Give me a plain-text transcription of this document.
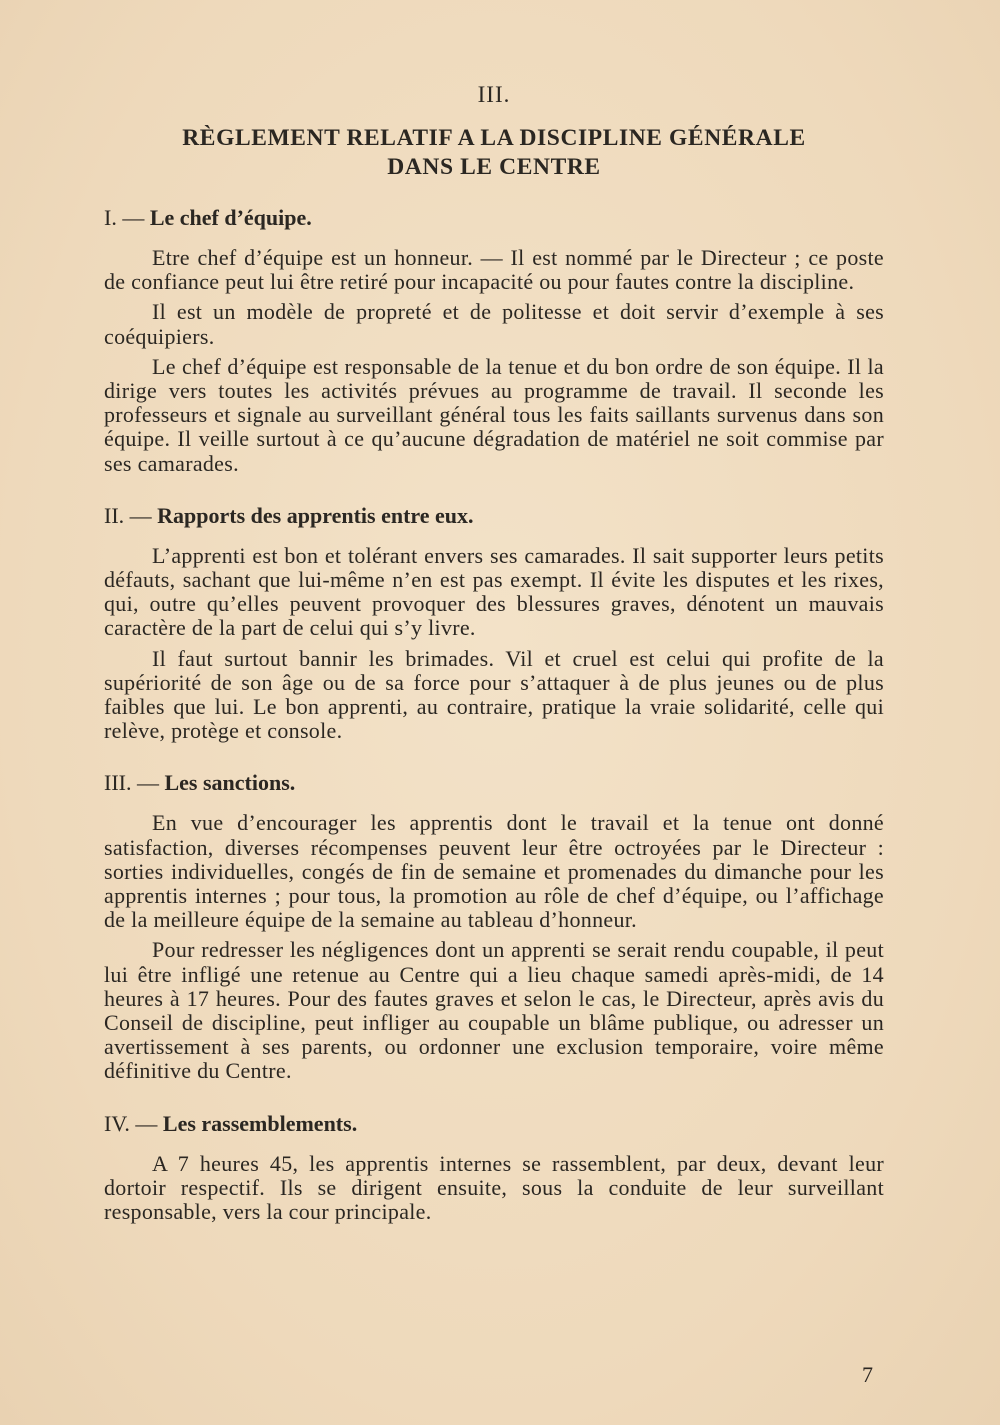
III.
RÈGLEMENT RELATIF A LA DISCIPLINE GÉNÉRALE
DANS LE CENTRE
I. — Le chef d’équipe.

Etre chef d’équipe est un honneur. — Il est nommé par le Directeur ; ce poste de confiance peut lui être retiré pour incapacité ou pour fautes contre la discipline.

Il est un modèle de propreté et de politesse et doit servir d’exemple à ses coéquipiers.

Le chef d’équipe est responsable de la tenue et du bon ordre de son équipe. Il la dirige vers toutes les activités prévues au programme de travail. Il seconde les professeurs et signale au surveillant général tous les faits saillants survenus dans son équipe. Il veille surtout à ce qu’aucune dégradation de matériel ne soit commise par ses camarades.

II. — Rapports des apprentis entre eux.

L’apprenti est bon et tolérant envers ses camarades. Il sait supporter leurs petits défauts, sachant que lui-même n’en est pas exempt. Il évite les disputes et les rixes, qui, outre qu’elles peuvent provoquer des blessures graves, dénotent un mauvais caractère de la part de celui qui s’y livre.

Il faut surtout bannir les brimades. Vil et cruel est celui qui profite de la supériorité de son âge ou de sa force pour s’attaquer à de plus jeunes ou de plus faibles que lui. Le bon apprenti, au contraire, pratique la vraie solidarité, celle qui relève, protège et console.

III. — Les sanctions.

En vue d’encourager les apprentis dont le travail et la tenue ont donné satisfaction, diverses récompenses peuvent leur être octroyées par le Directeur : sorties individuelles, congés de fin de semaine et promenades du dimanche pour les apprentis internes ; pour tous, la promotion au rôle de chef d’équipe, ou l’affichage de la meilleure équipe de la semaine au tableau d’honneur.

Pour redresser les négligences dont un apprenti se serait rendu coupable, il peut lui être infligé une retenue au Centre qui a lieu chaque samedi après-midi, de 14 heures à 17 heures. Pour des fautes graves et selon le cas, le Directeur, après avis du Conseil de discipline, peut infliger au coupable un blâme publique, ou adresser un avertissement à ses parents, ou ordonner une exclusion temporaire, voire même définitive du Centre.

IV. — Les rassemblements.

A 7 heures 45, les apprentis internes se rassemblent, par deux, devant leur dortoir respectif. Ils se dirigent ensuite, sous la conduite de leur surveillant responsable, vers la cour principale.

7
